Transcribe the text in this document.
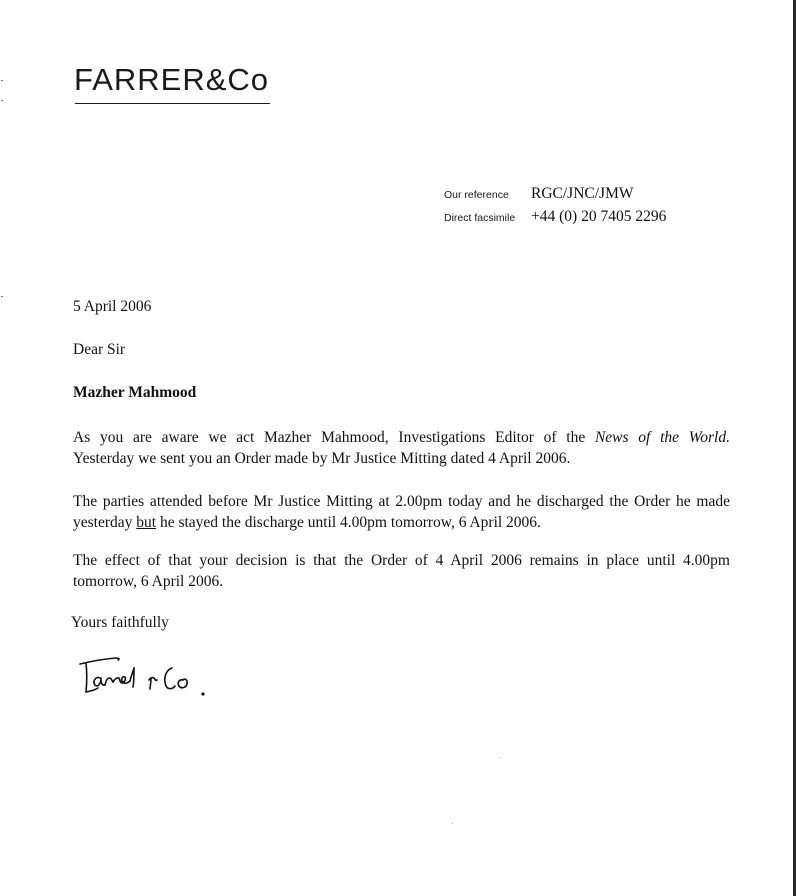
FARRER&Co
Our reference	RGC/JNC/JMW
Direct facsimile	+44 (0) 20 7405 2296
5 April 2006
Dear Sir
Mazher Mahmood
As you are aware we act Mazher Mahmood, Investigations Editor of the News of the World.
Yesterday we sent you an Order made by Mr Justice Mitting dated 4 April 2006.
The parties attended before Mr Justice Mitting at 2.00pm today and he discharged the Order he made
yesterday but he stayed the discharge until 4.00pm tomorrow, 6 April 2006.
The effect of that your decision is that the Order of 4 April 2006 remains in place until 4.00pm
tomorrow, 6 April 2006.
Yours faithfully
